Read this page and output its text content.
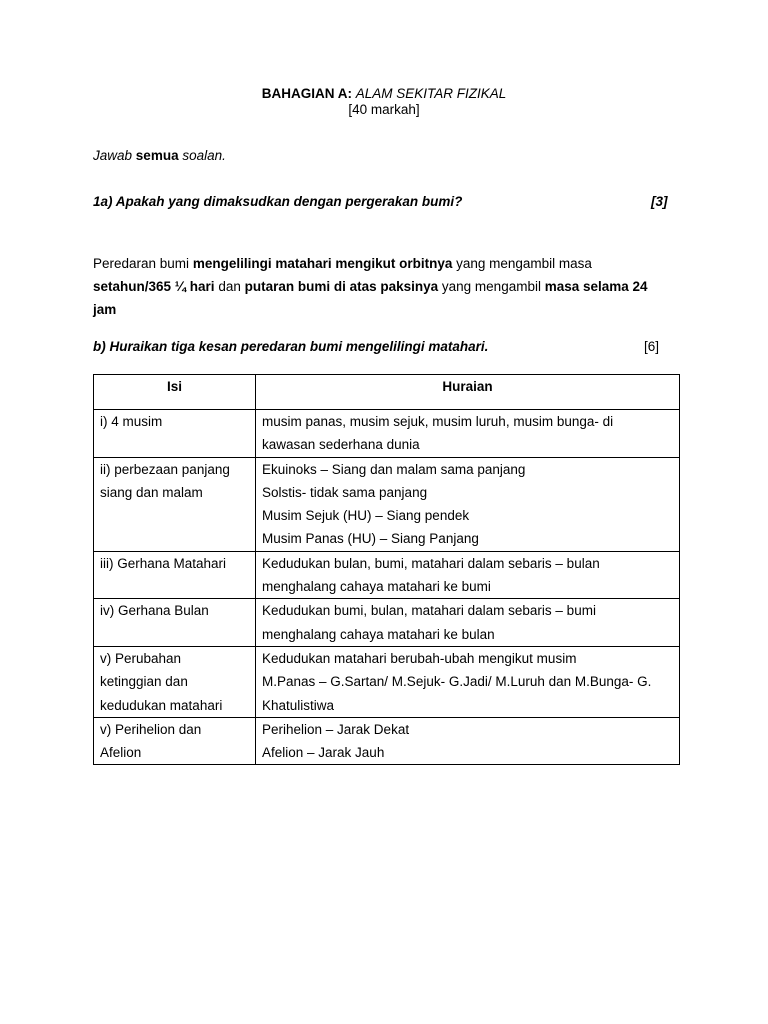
BAHAGIAN A: ALAM SEKITAR FIZIKAL
[40 markah]
Jawab semua soalan.
1a) Apakah yang dimaksudkan dengan pergerakan bumi?	[3]
Peredaran bumi mengelilingi matahari mengikut orbitnya yang mengambil masa setahun/365 ¼ hari dan putaran bumi di atas paksinya yang mengambil masa selama 24 jam
b) Huraikan tiga kesan peredaran bumi mengelilingi matahari.	[6]
Isi	Huraian

i) 4 musim	musim panas, musim sejuk, musim luruh, musim bunga- di
kawasan sederhana dunia

ii) perbezaan panjang
siang dan malam	Ekuinoks – Siang dan malam sama panjang
Solstis- tidak sama panjang
Musim Sejuk (HU) – Siang pendek
Musim Panas (HU) – Siang Panjang

iii) Gerhana Matahari	Kedudukan bulan, bumi, matahari dalam sebaris – bulan
menghalang cahaya matahari ke bumi

iv) Gerhana Bulan	Kedudukan bumi, bulan, matahari dalam sebaris – bumi
menghalang cahaya matahari ke bulan

v) Perubahan
ketinggian dan
kedudukan matahari	Kedudukan matahari berubah-ubah mengikut musim
M.Panas – G.Sartan/ M.Sejuk- G.Jadi/ M.Luruh dan M.Bunga- G.
Khatulistiwa

v) Perihelion dan
Afelion	Perihelion – Jarak Dekat
Afelion – Jarak Jauh
